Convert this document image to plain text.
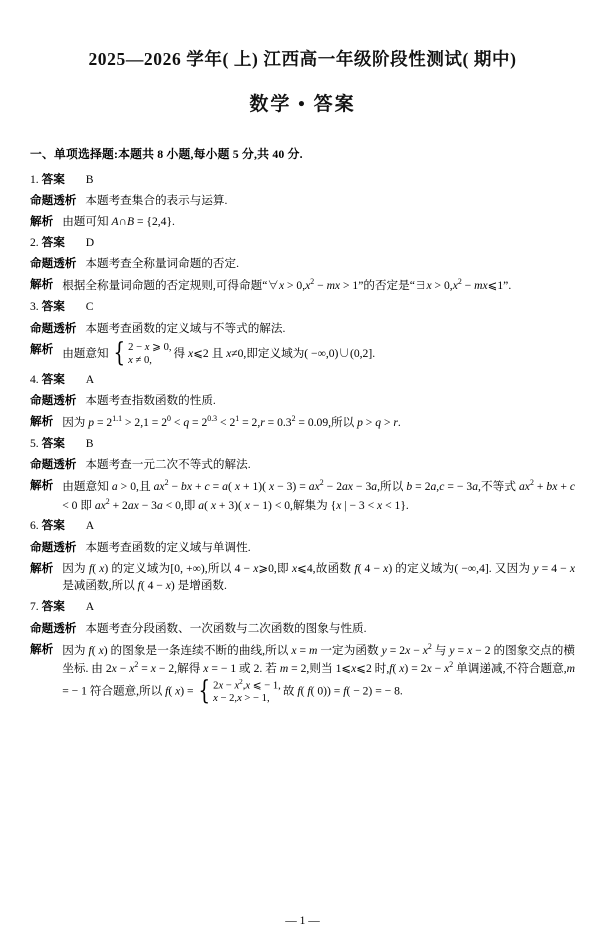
2025—2026 学年( 上) 江西高一年级阶段性测试( 期中)
数学 • 答案
一、单项选择题:本题共 8 小题,每小题 5 分,共 40 分.
1. 答案 B
命题透析 本题考查集合的表示与运算.
解析 由题可知 A∩B = {2,4}.
2. 答案 D
命题透析 本题考查全称量词命题的否定.
解析 根据全称量词命题的否定规则,可得命题“∀x > $0,x^2$ − mx > 1”的否定是“∃x > $0,x^2$ − mx⩽1”.
3. 答案 C
命题透析 本题考查函数的定义域与不等式的解法.
解析 由题意知 { 2 − x ⩾ 0,
x ≠ 0,
得 x⩽2 且 x≠0,即定义域为( −∞,0)∪(0,2].
4. 答案 A
命题透析 本题考查指数函数的性质.
解析 因为 $p = 2^{1.1} > 2,1 = 2^0 < q = 2^{0.3} < 2^1 = 2,r = 0.3^2 = 0.09$,所以 p > q > r.
5. 答案 B
命题透析 本题考查一元二次不等式的解法.
解析 由题意知 a > 0,且 $ax^2$ − bx + c = a( x + 1)( $x - 3) = ax^2 - 2ax - 3a$,所以 b = 2a,c = − 3a,不等式 $ax^2$ + bx + c < 0 即 $ax^2 + 2ax - 3a < 0$,即 a( x + 3)( x − 1) < 0,解集为 {x | − 3 < x < 1}.
6. 答案 A
命题透析 本题考查函数的定义域与单调性.
解析 因为 f( x) 的定义域为[0, +∞),所以 4 − x⩾0,即 x⩽4,故函数 f( 4 − x) 的定义域为( −∞,4]. 又因为 y = 4 − x 是减函数,所以 f( 4 − x) 是增函数.
7. 答案 A
命题透析 本题考查分段函数、一次函数与二次函数的图象与性质.
解析 因为 f( x) 的图象是一条连续不断的曲线,所以 x = m 一定为函数 $y = 2x - x^2$ 与 y = x − 2 的图象交点的横坐标. 由 $2x - x^2 = x - 2$,解得 x = − 1 或 2. 若 m = 2,则当 1⩽x⩽2 时,f( $x) = 2x - x^2$ 单调递减,不符合题意,m = − 1 符合题意,所以 f( x) = { $2x - x^2,x$ ⩽ − 1,
x − 2,x > − 1,
故 f( f( 0)) = f( − 2) = − 8.
— 1 —
